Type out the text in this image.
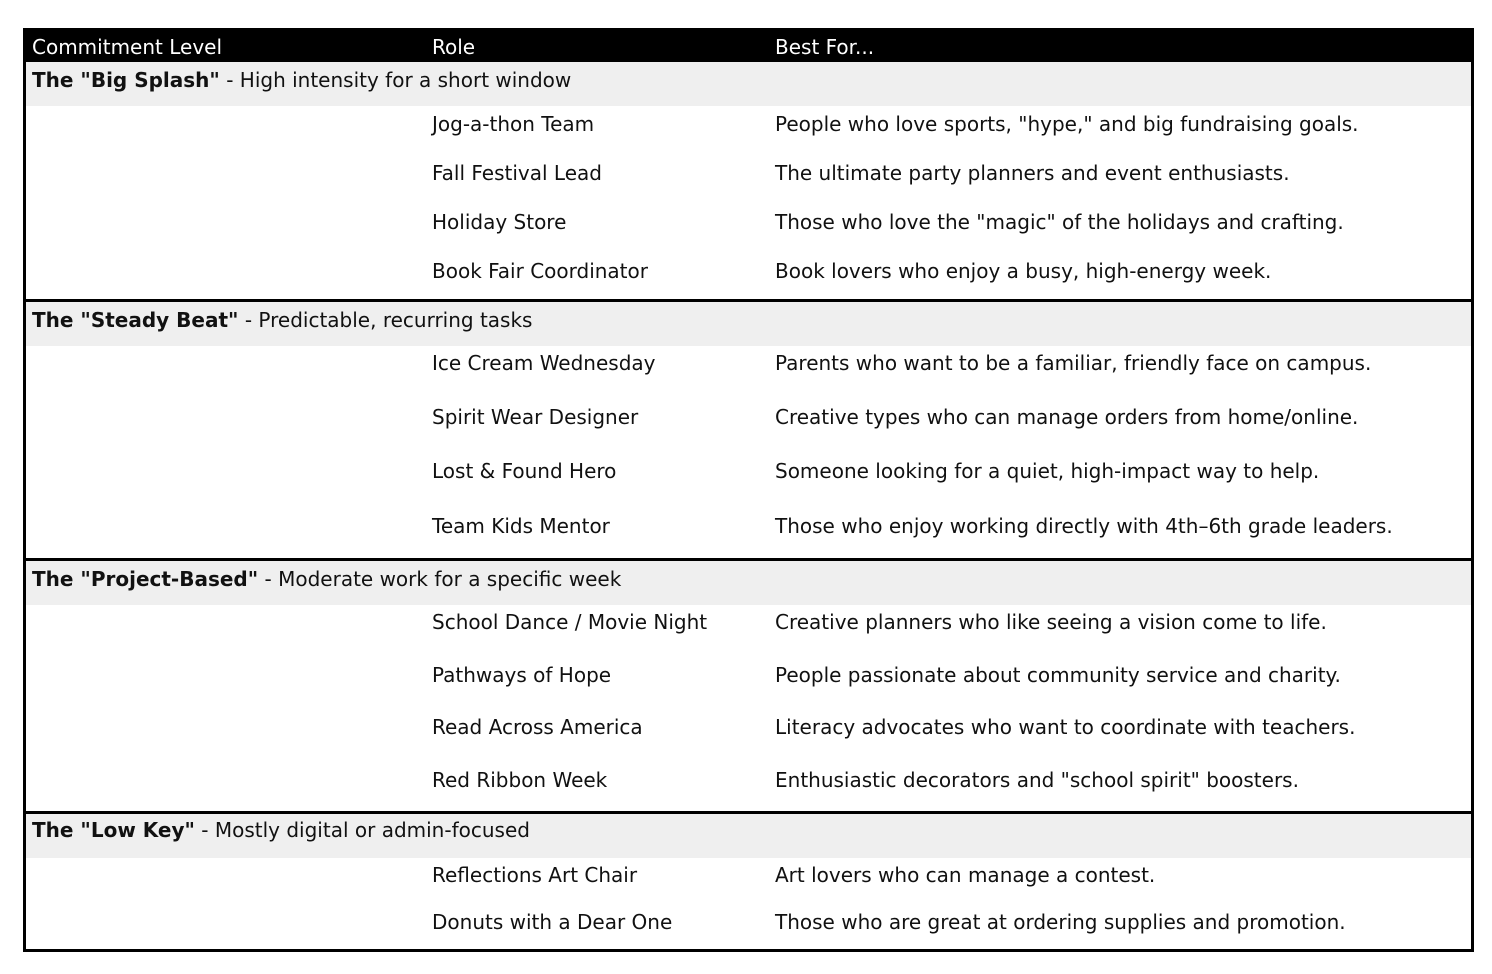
Commitment Level	Role	Best For...
The "Big Splash" - High intensity for a short window
Jog-a-thon Team	People who love sports, "hype," and big fundraising goals.
Fall Festival Lead	The ultimate party planners and event enthusiasts.
Holiday Store	Those who love the "magic" of the holidays and crafting.
Book Fair Coordinator	Book lovers who enjoy a busy, high-energy week.
The "Steady Beat" - Predictable, recurring tasks
Ice Cream Wednesday	Parents who want to be a familiar, friendly face on campus.
Spirit Wear Designer	Creative types who can manage orders from home/online.
Lost & Found Hero	Someone looking for a quiet, high-impact way to help.
Team Kids Mentor	Those who enjoy working directly with 4th–6th grade leaders.
The "Project-Based" - Moderate work for a specific week
School Dance / Movie Night	Creative planners who like seeing a vision come to life.
Pathways of Hope	People passionate about community service and charity.
Read Across America	Literacy advocates who want to coordinate with teachers.
Red Ribbon Week	Enthusiastic decorators and "school spirit" boosters.
The "Low Key" - Mostly digital or admin-focused
Reflections Art Chair	Art lovers who can manage a contest.
Donuts with a Dear One	Those who are great at ordering supplies and promotion.
